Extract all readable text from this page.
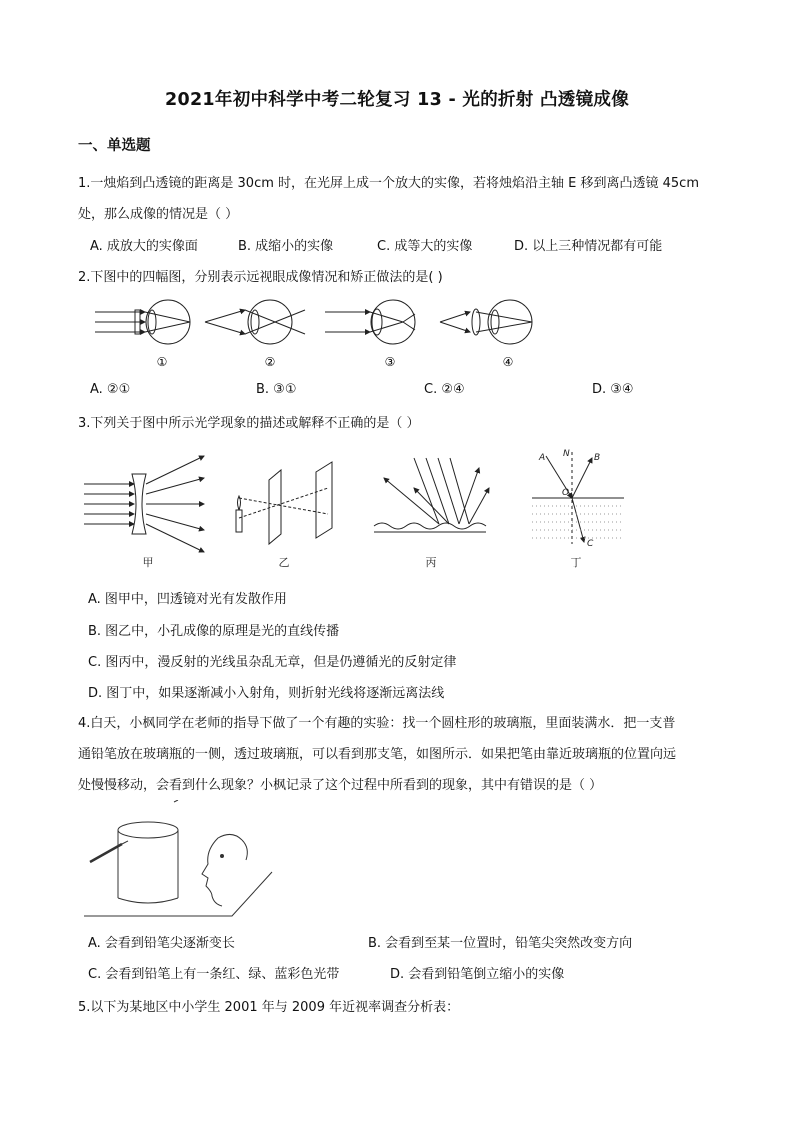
2021年初中科学中考二轮复习 13 - 光的折射 凸透镜成像
一、单选题
1.一烛焰到凸透镜的距离是 30cm 时，在光屏上成一个放大的实像，若将烛焰沿主轴 E 移到离凸透镜 45cm
处，那么成像的情况是（ ）
A. 成放大的实像面	B. 成缩小的实像	C. 成等大的实像	D. 以上三种情况都有可能
2.下图中的四幅图，分别表示远视眼成像情况和矫正做法的是( )
①	②	③	④
A. ②①	B. ③①	C. ②④	D. ③④
3.下列关于图中所示光学现象的描述或解释不正确的是（ ）
A N	B
O
C
甲	乙	丙	丁
A. 图甲中，凹透镜对光有发散作用
B. 图乙中，小孔成像的原理是光的直线传播
C. 图丙中，漫反射的光线虽杂乱无章，但是仍遵循光的反射定律
D. 图丁中，如果逐渐减小入射角，则折射光线将逐渐远离法线
4.白天，小枫同学在老师的指导下做了一个有趣的实验：找一个圆柱形的玻璃瓶，里面装满水．把一支普
通铅笔放在玻璃瓶的一侧，透过玻璃瓶，可以看到那支笔，如图所示．如果把笔由靠近玻璃瓶的位置向远
处慢慢移动，会看到什么现象？小枫记录了这个过程中所看到的现象，其中有错误的是（ ）
A. 会看到铅笔尖逐渐变长	B. 会看到至某一位置时，铅笔尖突然改变方向
C. 会看到铅笔上有一条红、绿、蓝彩色光带	D. 会看到铅笔倒立缩小的实像
5.以下为某地区中小学生 2001 年与 2009 年近视率调查分析表：
